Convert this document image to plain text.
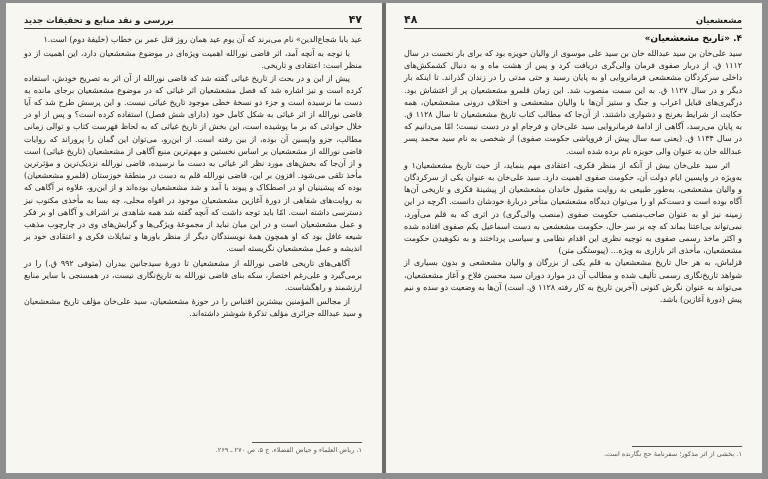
۴۷
بررسی و نقد منابع و تحقیقات جدید

عید بابا شجاع‌الدین» نام می‌برند که آن یوم عید همان روز قتل عمر بن خطاب (خلیفهٔ دوم) است.۱

با توجه به آنچه آمد، اثر قاضی نورالله اهمیت ویژه‌ای در موضوع مشعشعیان دارد، این اهمیت از دو منظر است: اعتقادی و تاریخی.

پیش از این و در بحث از تاریخ غیاثی گفته شد که قاضی نورالله از آن اثر به تصریح خودش، استفاده کرده است و نیز اشاره شد که فصل مشعشعیان اثر غیاثی که در موضوع مشعشعیان برجای مانده به دست ما نرسیده است و جزء دو نسخهٔ خطی موجود تاریخ غیاثی نیست. و این پرسش طرح شد که آیا قاضی نورالله از اثر غیاثی به شکل کامل خود (دارای شش فصل) استفاده کرده است؟ و پس از او در خلال حوادثی که بر ما پوشیده است، این بخش از تاریخ غیاثی که به لحاظ فهرست کتاب و توالی زمانی مطالب، جزو واپسین آن بوده، از بین رفته است. از این‌رو، می‌توان این گمان را پروراند که روایات قاضی نورالله از مشعشعیان بر اساس نخستین و مهم‌ترین منبع آگاهی از مشعشعیان (تاریخ غیاثی) است و از آن‌جا که بخش‌های مورد نظر اثر غیاثی به دست ما نرسیده، قاضی نورالله نزدیک‌ترین و مؤثرترین مأخذ تلقی می‌شود. افزون بر این، قاضی نورالله قلم به دست در منطقهٔ خوزستان (قلمرو مشعشعیان) بوده که پیشینیان او در اصطکاک و پیوند با آمد و شد مشعشعیان بوده‌اند و از این‌رو، علاوه بر آگاهی که به روایت‌های شفاهی از دورهٔ آغازین مشعشعیان موجود در افواه محلی، چه بسا به مأخذی مکتوب نیز دسترسی داشته است. امّا باید توجه داشت که آنچه گفته شد همه شاهدی بر اشراف و آگاهی او بر فکر و عمل مشعشعیان است و در این میان نباید از مجموعهٔ ویژگی‌ها و گرایش‌های وی در چارچوب مذهب شیعه غافل بود که او همچون همهٔ نویسندگان دیگر از منظر باورها و تمایلات فکری و اعتقادی خود بر اندیشه و عمل مشعشعیان نگریسته است.

آگاهی‌های تاریخی قاضی نورالله از مشعشعیان تا دورهٔ سیدجانین بیدران (متوفی ۹۹۲ ق.) را در برمی‌گیرد و علی‌رغم اختصار، سکه بنای قاضی نورالله به تاریخ‌نگاری نیست، در همسنجی با سایر منابع ارزشمند و راهگشاست.

از مجالس المؤمنین بیشترین اقتباس را در حوزهٔ مشعشعیان، سید علی‌خان مؤلف تاریخ مشعشعیان و سید عبدالله جزائری مؤلف تذکرهٔ شوشتر داشته‌اند.

۱. ریاض العلماء و حیاض الفضلاء، ج ۵، ص ۲۷۰ ـ ۲۶۹.
مشعشعیان
۴۸
۴. «تاریخ مشعشعیان»

سید علی‌خان بن سید عبدالله خان بن سید علی موسوی از والیان حویزه بود که برای بار نخست در سال ۱۱۱۲ ق. از دربار صفوی فرمان والی‌گری دریافت کرد و پس از هشت ماه و به دنبال کشمکش‌های داخلی سرکردگان مشعشعی فرمانروایی او به پایان رسید و حتی مدتی را در زندان گذراند. تا اینکه بار دیگر و در سال ۱۱۲۷ ق. به این سمت منصوب شد. این زمان قلمرو مشعشعیان پر از اغتشاش بود. درگیری‌های قبایل اعراب و جنگ و ستیز آن‌ها با والیان مشعشعی و اختلاف درونی مشعشعیان، همه حکایت از شرایط بغرنج و دشواری داشتند. از آن‌جا که مطالب کتاب تاریخ مشعشعیان تا سال ۱۱۲۸ ق. به پایان می‌رسد، آگاهی از ادامهٔ فرمانروایی سید علی‌خان و فرجام او در دست نیست؛ امّا می‌دانیم که در سال ۱۱۳۴ ق. (یعنی سه سال پیش از فروپاشی حکومت صفوی) از شخصی به نام سید محمد پسر عبدالله خان به عنوان والی حویزه نام برده شده است.

اثر سید علی‌خان بیش از آنکه از منظر فکری، اعتقادی مهم بنماید، از حیث تاریخ مشعشعیان۱ و به‌ویژه در واپسین ایام دولت آن، حکومت صفوی اهمیت دارد. سید علی‌خان به عنوان یکی از سرکردگان و والیان مشعشعی، به‌طور طبیعی به روایت مقبول خاندان مشعشعیان از پیشینهٔ فکری و تاریخی آن‌ها آگاه بوده است و دست‌کم او را می‌توان دیدگاه مشعشعیان متأخر دربارهٔ خودشان دانست. اگرچه در این زمینه نیز او به عنوان صاحب‌منصب حکومت صفوی (منصب والی‌گری) در اثری که به قلم می‌آورد، نمی‌تواند بی‌اعتنا بماند که چه بر سر حال، حکومت مشعشعی به دست اسماعیل یکم صفوی افتاده شده و اکثر ماخذ رسمی صفوی به توجیه نظری این اقدام نظامی و سیاسی پرداختند و به نکوهیدن حکومت مشعشعیان، مأخذی اثر بازاری به ویژه... (پیوستگی متن)

قزلباش، به هر حال تاریخ مشعشعیان به قلم یکی از بزرگان و والیان مشعشعی و بدون بسیاری از شواهد تاریخ‌نگاری رسمی تألیف شده و مطالب آن در موارد دوران سید محسن فلاح و آغاز مشعشعیان، می‌تواند به عنوان نگرش کنونی (آخرین تاریخ به کار رفته ۱۱۲۸ ق. است) آن‌ها به وضعیت دو سده و نیم پیش (دورهٔ آغازین) باشد.

۱. بخشی از اثر مذکور؛ سفرنامهٔ حج نگارنده است.
